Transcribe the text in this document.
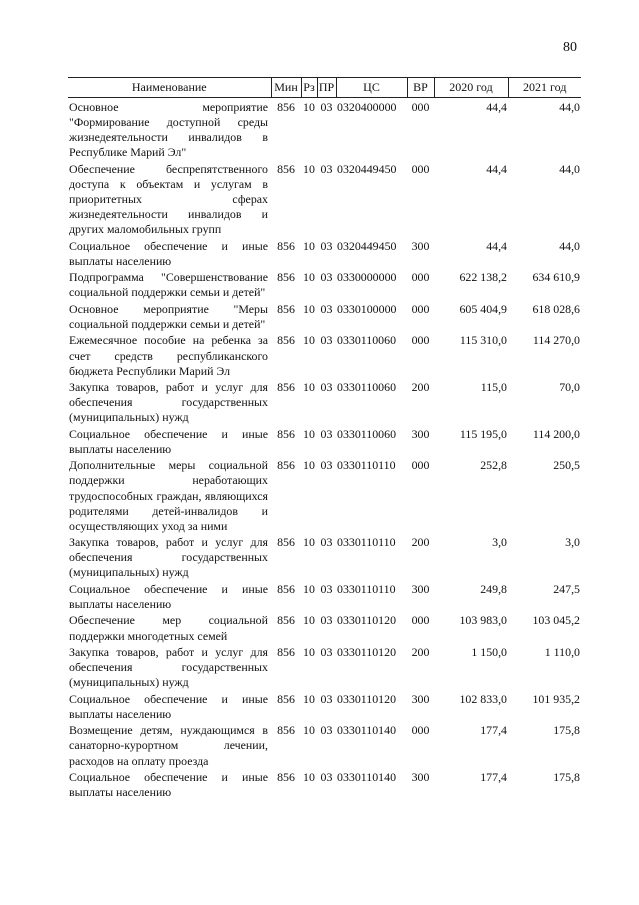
80
Наименование	Мин	Рз	ПР	ЦС	ВР	2020 год	2021 год
Основное мероприятие "Формирование доступной среды жизнедеятельности инвалидов в Республике Марий Эл"	856	10	03	0320400000	000	44,4	44,0
Обеспечение беспрепятственного доступа к объектам и услугам в приоритетных сферах жизнедеятельности инвалидов и других маломобильных групп	856	10	03	0320449450	000	44,4	44,0
Социальное обеспечение и иные выплаты населению	856	10	03	0320449450	300	44,4	44,0
Подпрограмма "Совершенствование социальной поддержки семьи и детей"	856	10	03	0330000000	000	622 138,2	634 610,9
Основное мероприятие "Меры социальной поддержки семьи и детей"	856	10	03	0330100000	000	605 404,9	618 028,6
Ежемесячное пособие на ребенка за счет средств республиканского бюджета Республики Марий Эл	856	10	03	0330110060	000	115 310,0	114 270,0
Закупка товаров, работ и услуг для обеспечения государственных (муниципальных) нужд	856	10	03	0330110060	200	115,0	70,0
Социальное обеспечение и иные выплаты населению	856	10	03	0330110060	300	115 195,0	114 200,0
Дополнительные меры социальной поддержки неработающих трудоспособных граждан, являющихся родителями детей-инвалидов и осуществляющих уход за ними	856	10	03	0330110110	000	252,8	250,5
Закупка товаров, работ и услуг для обеспечения государственных (муниципальных) нужд	856	10	03	0330110110	200	3,0	3,0
Социальное обеспечение и иные выплаты населению	856	10	03	0330110110	300	249,8	247,5
Обеспечение мер социальной поддержки многодетных семей	856	10	03	0330110120	000	103 983,0	103 045,2
Закупка товаров, работ и услуг для обеспечения государственных (муниципальных) нужд	856	10	03	0330110120	200	1 150,0	1 110,0
Социальное обеспечение и иные выплаты населению	856	10	03	0330110120	300	102 833,0	101 935,2
Возмещение детям, нуждающимся в санаторно-курортном лечении, расходов на оплату проезда	856	10	03	0330110140	000	177,4	175,8
Социальное обеспечение и иные выплаты населению	856	10	03	0330110140	300	177,4	175,8
